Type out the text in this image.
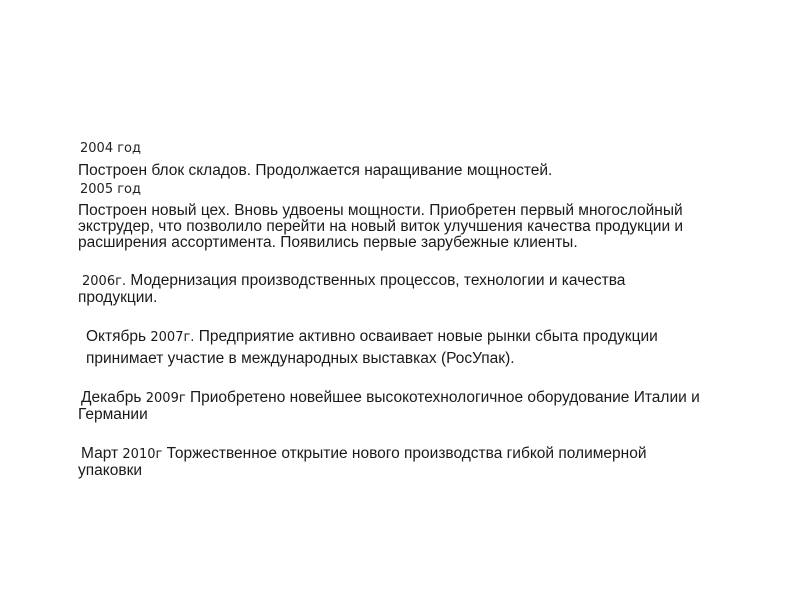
2004 год
Построен блок складов. Продолжается наращивание мощностей.
2005 год
Построен новый цех. Вновь удвоены мощности. Приобретен первый многослойный
экструдер, что позволило перейти на новый виток улучшения качества продукции и
расширения ассортимента. Появились первые зарубежные клиенты.
2006г. Модернизация производственных процессов, технологии и качества
продукции.
Октябрь 2007г. Предприятие активно осваивает новые рынки сбыта продукции
принимает участие в международных выставках (РосУпак).
Декабрь 2009г Приобретено новейшее высокотехнологичное оборудование Италии и
Германии
Март 2010г Торжественное открытие нового производства гибкой полимерной
упаковки
